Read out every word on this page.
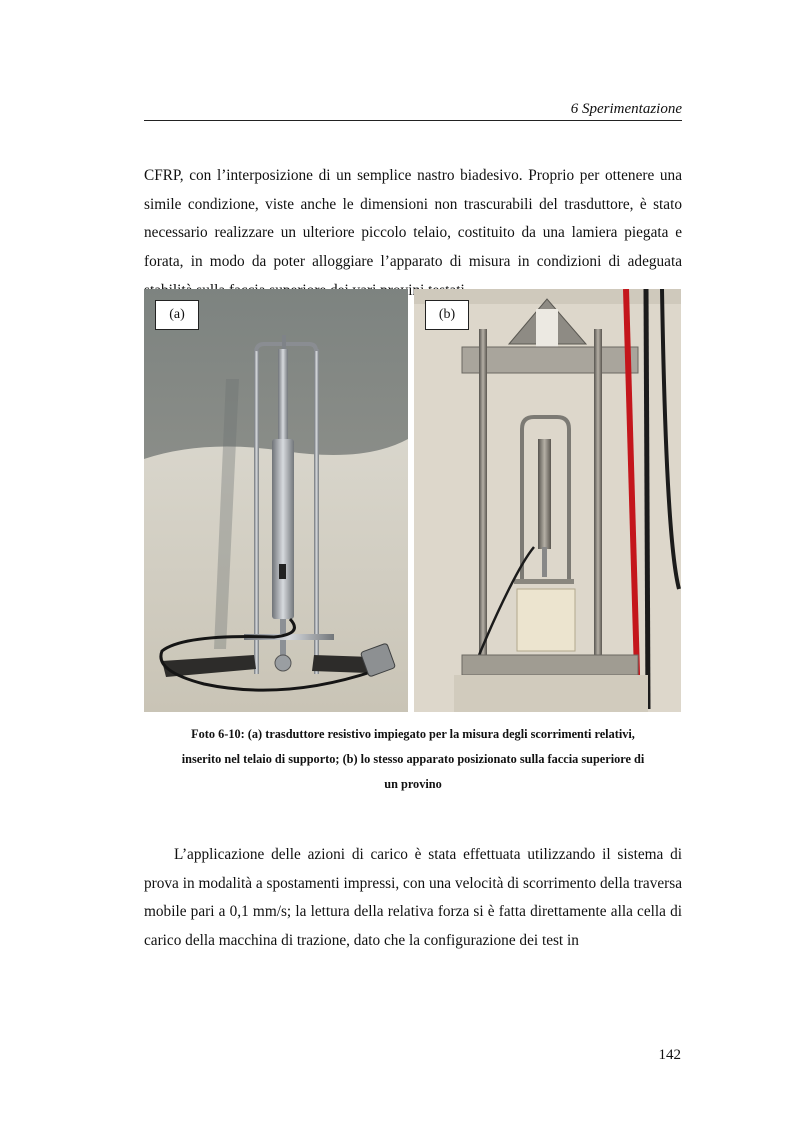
6 Sperimentazione

CFRP, con l’interposizione di un semplice nastro biadesivo. Proprio per ottenere una simile condizione, viste anche le dimensioni non trascurabili del trasduttore, è stato necessario realizzare un ulteriore piccolo telaio, costituito da una lamiera piegata e forata, in modo da poter alloggiare l’apparato di misura in condizioni di adeguata

(a)	(b)
Foto 6-10: (a) trasduttore resistivo impiegato per la misura degli scorrimenti relativi,
inserito nel telaio di supporto; (b) lo stesso apparato posizionato sulla faccia superiore di
un provino

L’applicazione delle azioni di carico è stata effettuata utilizzando il sistema di prova in modalità a spostamenti impressi, con una velocità di scorrimento della traversa mobile pari a 0,1 mm/s; la lettura della relativa forza si è fatta direttamente alla cella di carico della macchina di trazione, dato che la configurazione dei test in

142
